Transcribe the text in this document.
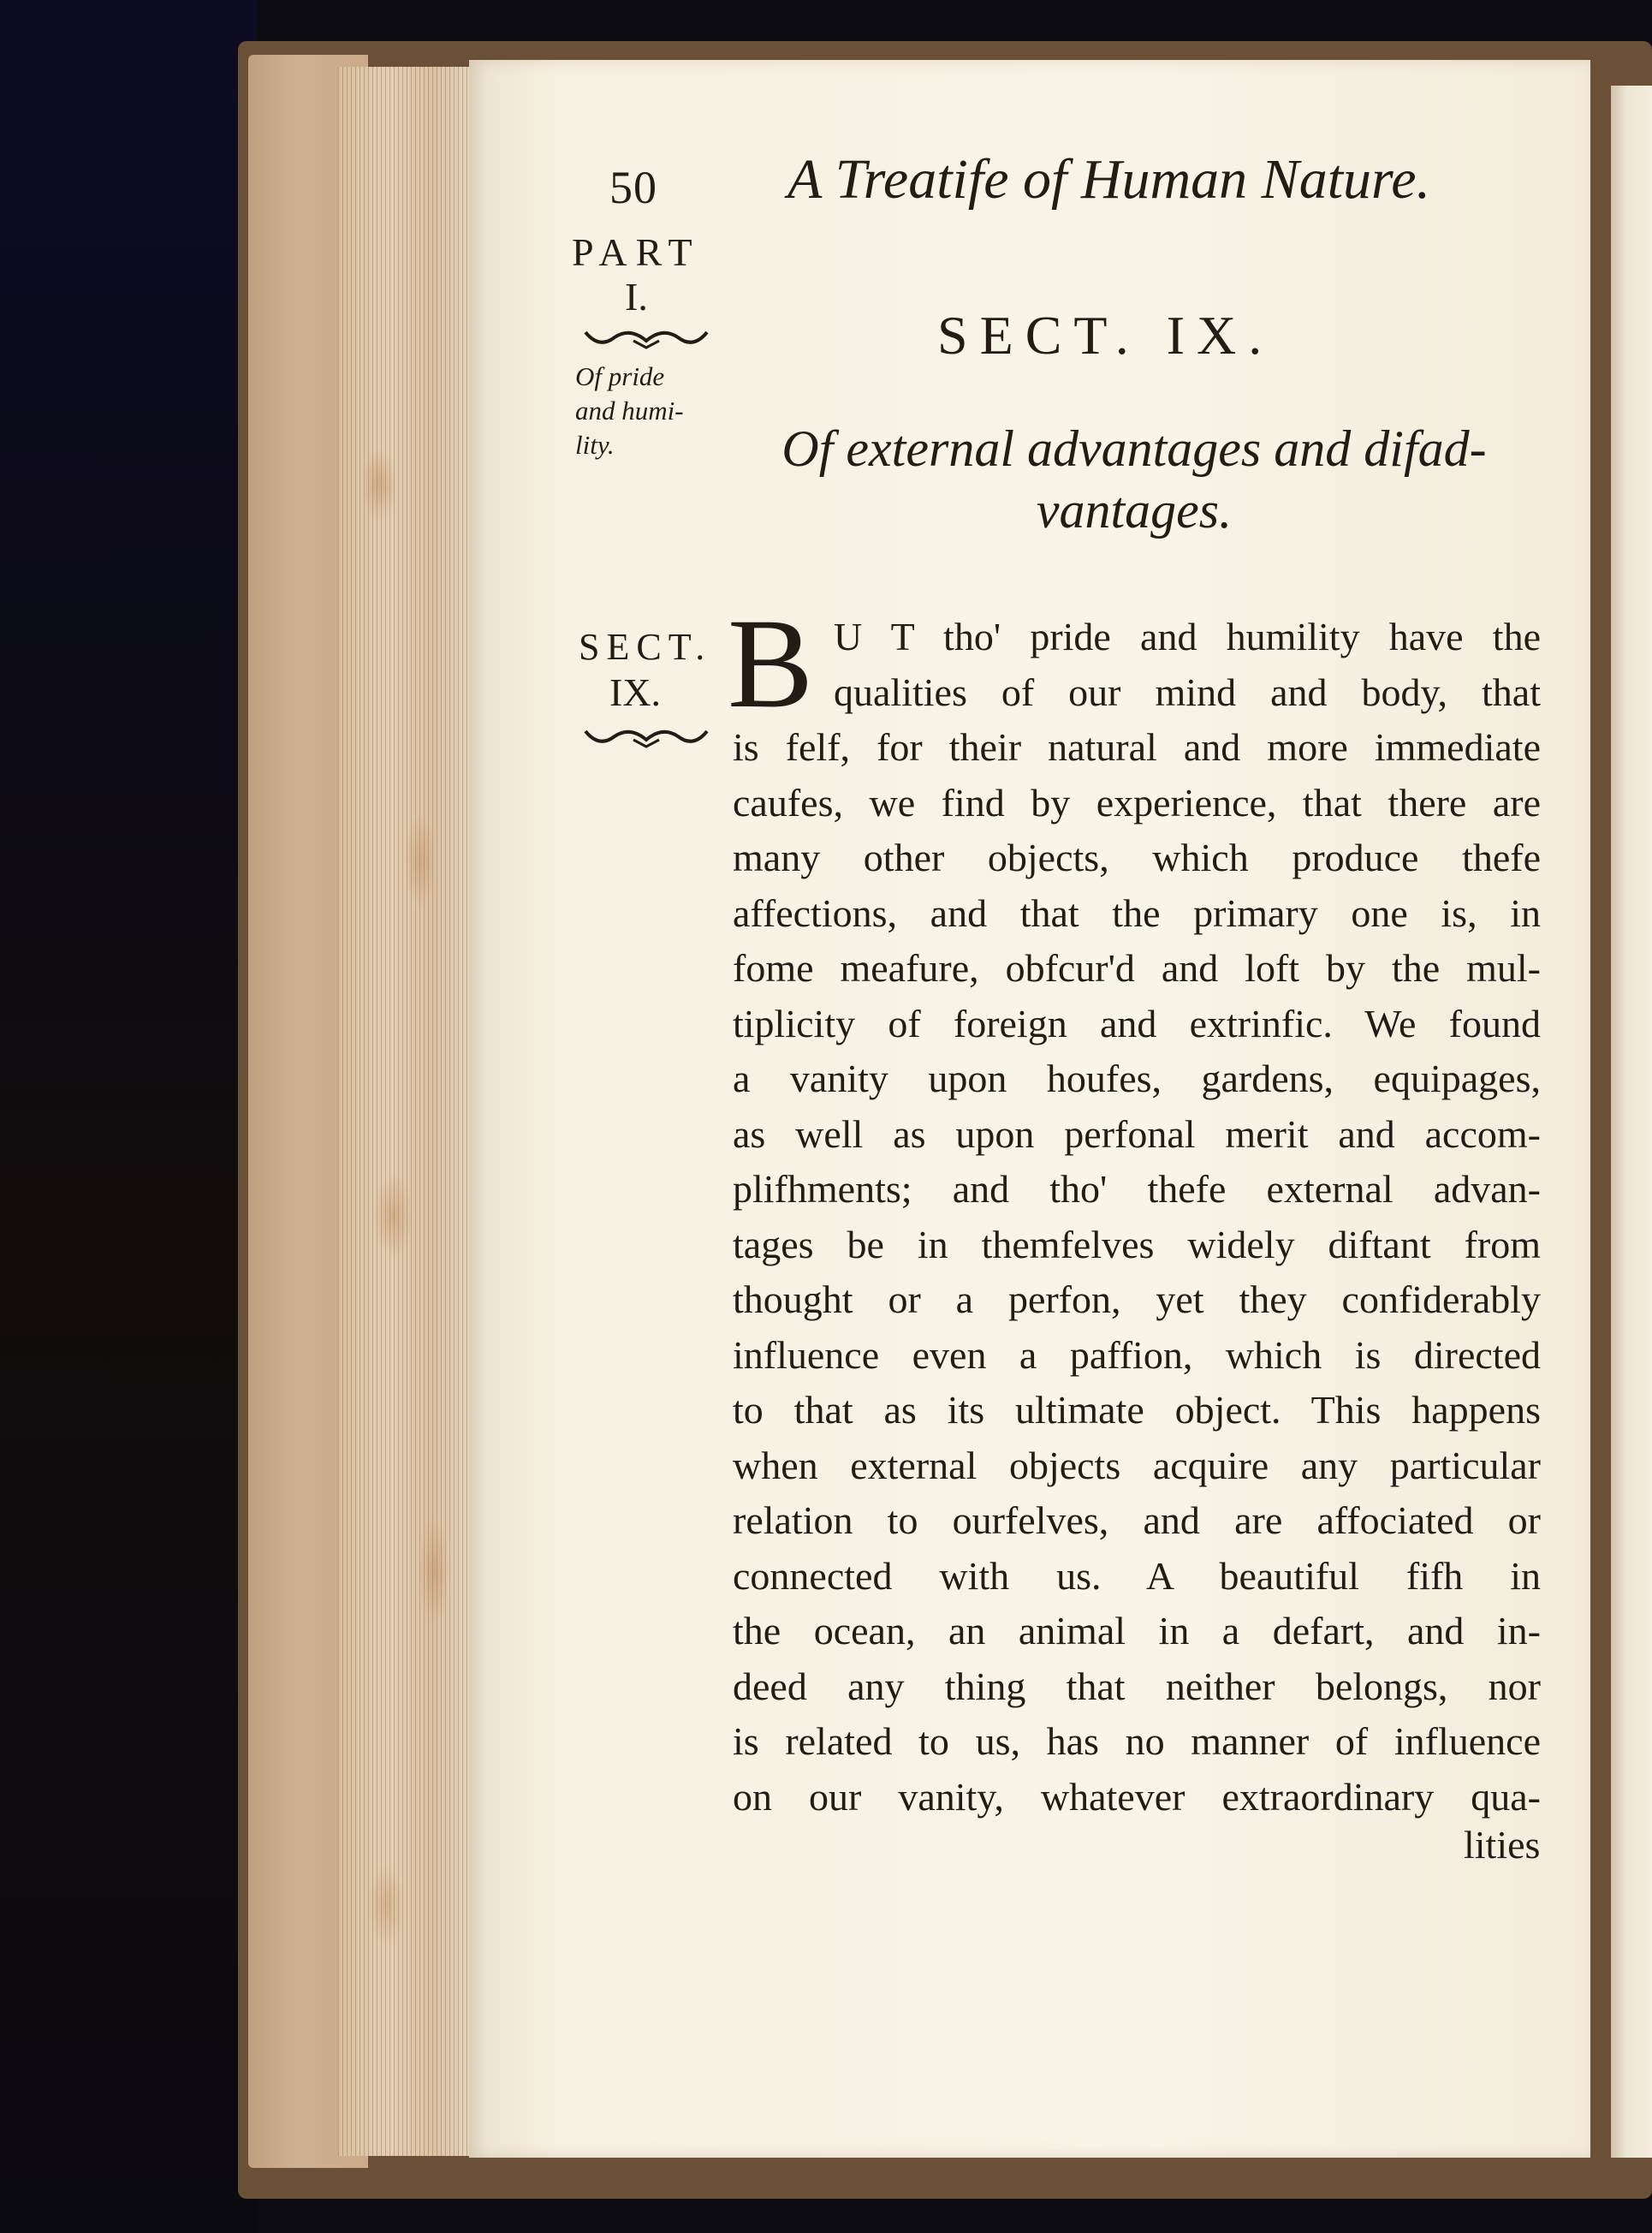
50 A Treatife of Human Nature.
PART
I.
Of pride
and humi-
lity.
SECT. IX.
Of external advantages and difad-vantages.
SECT.
IX. B U T tho' pride and humility have the
qualities of our mind and body, that
is felf, for their natural and more immediate
caufes, we find by experience, that there are
many other objects, which produce thefe
affections, and that the primary one is, in
fome meafure, obfcur'd and loft by the mul-
tiplicity of foreign and extrinfic. We found
a vanity upon houfes, gardens, equipages,
as well as upon perfonal merit and accom-
plifhments; and tho' thefe external advan-
tages be in themfelves widely diftant from
thought or a perfon, yet they confiderably
influence even a paffion, which is directed
to that as its ultimate object. This happens
when external objects acquire any particular
relation to ourfelves, and are affociated or
connected with us. A beautiful fifh in
the ocean, an animal in a defart, and in-
deed any thing that neither belongs, nor
is related to us, has no manner of influence
on our vanity, whatever extraordinary qua-
lities
